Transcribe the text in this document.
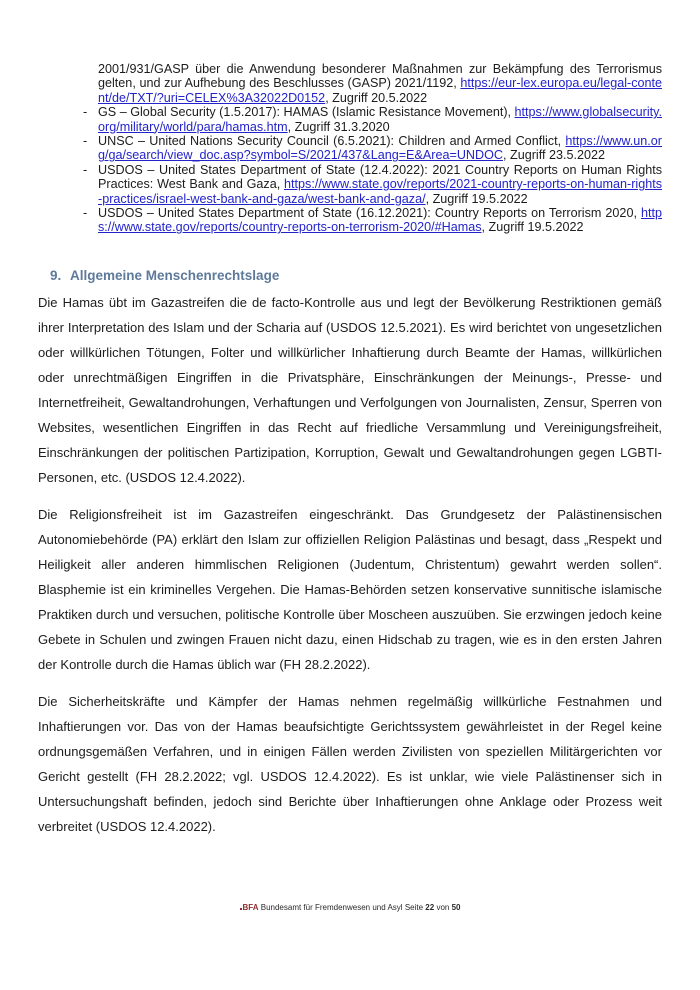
2001/931/GASP über die Anwendung besonderer Maßnahmen zur Bekämpfung des Terrorismus gelten, und zur Aufhebung des Beschlusses (GASP) 2021/1192, https://eur-lex.europa.eu/legal-content/de/TXT/?uri=CELEX%3A32022D0152, Zugriff 20.5.2022
- GS – Global Security (1.5.2017): HAMAS (Islamic Resistance Movement), https://www.globalsecurity.org/military/world/para/hamas.htm, Zugriff 31.3.2020
- UNSC – United Nations Security Council (6.5.2021): Children and Armed Conflict, https://www.un.org/ga/search/view_doc.asp?symbol=S/2021/437&Lang=E&Area=UNDOC, Zugriff 23.5.2022
- USDOS – United States Department of State (12.4.2022): 2021 Country Reports on Human Rights Practices: West Bank and Gaza, https://www.state.gov/reports/2021-country-reports-on-human-rights-practices/israel-west-bank-and-gaza/west-bank-and-gaza/, Zugriff 19.5.2022
- USDOS – United States Department of State (16.12.2021): Country Reports on Terrorism 2020, https://www.state.gov/reports/country-reports-on-terrorism-2020/#Hamas, Zugriff 19.5.2022
9. Allgemeine Menschenrechtslage

Die Hamas übt im Gazastreifen die de facto-Kontrolle aus und legt der Bevölkerung Restriktionen gemäß ihrer Interpretation des Islam und der Scharia auf (USDOS 12.5.2021). Es wird berichtet von ungesetzlichen oder willkürlichen Tötungen, Folter und willkürlicher Inhaftierung durch Beamte der Hamas, willkürlichen oder unrechtmäßigen Eingriffen in die Privatsphäre, Einschränkungen der Meinungs-, Presse- und Internetfreiheit, Gewaltandrohungen, Verhaftungen und Verfolgungen von Journalisten, Zensur, Sperren von Websites, wesentlichen Eingriffen in das Recht auf friedliche Versammlung und Vereinigungsfreiheit, Einschränkungen der politischen Partizipation, Korruption, Gewalt und Gewaltandrohungen gegen LGBTI-Personen, etc. (USDOS 12.4.2022).

Die Religionsfreiheit ist im Gazastreifen eingeschränkt. Das Grundgesetz der Palästinensischen Autonomiebehörde (PA) erklärt den Islam zur offiziellen Religion Palästinas und besagt, dass „Respekt und Heiligkeit aller anderen himmlischen Religionen (Judentum, Christentum) gewahrt werden sollen“. Blasphemie ist ein kriminelles Vergehen. Die Hamas-Behörden setzen konservative sunnitische islamische Praktiken durch und versuchen, politische Kontrolle über Moscheen auszuüben. Sie erzwingen jedoch keine Gebete in Schulen und zwingen Frauen nicht dazu, einen Hidschab zu tragen, wie es in den ersten Jahren der Kontrolle durch die Hamas üblich war (FH 28.2.2022).

Die Sicherheitskräfte und Kämpfer der Hamas nehmen regelmäßig willkürliche Festnahmen und Inhaftierungen vor. Das von der Hamas beaufsichtigte Gerichtssystem gewährleistet in der Regel keine ordnungsgemäßen Verfahren, und in einigen Fällen werden Zivilisten von speziellen Militärgerichten vor Gericht gestellt (FH 28.2.2022; vgl. USDOS 12.4.2022). Es ist unklar, wie viele Palästinenser sich in Untersuchungshaft befinden, jedoch sind Berichte über Inhaftierungen ohne Anklage oder Prozess weit verbreitet (USDOS 12.4.2022).

BFA Bundesamt für Fremdenwesen und Asyl Seite 22 von 50
